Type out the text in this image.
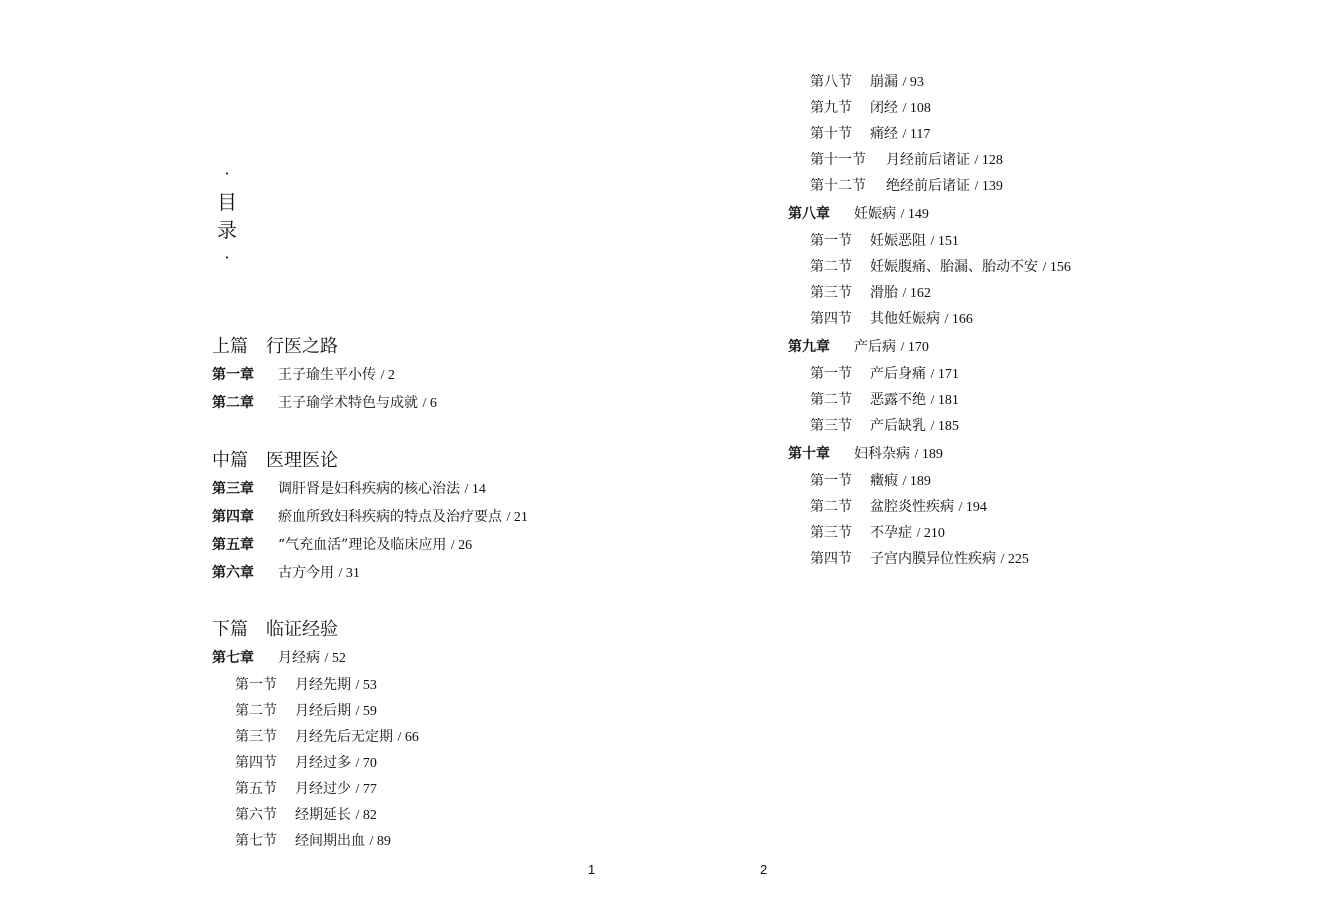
·
目
录
·
上篇 行医之路
第一章 王子瑜生平小传 / 2
第二章 王子瑜学术特色与成就 / 6
中篇 医理医论
第三章 调肝肾是妇科疾病的核心治法 / 14
第四章 瘀血所致妇科疾病的特点及治疗要点 / 21
第五章 “气充血活”理论及临床应用 / 26
第六章 古方今用 / 31
下篇 临证经验
第七章 月经病 / 52
第一节 月经先期 / 53
第二节 月经后期 / 59
第三节 月经先后无定期 / 66
第四节 月经过多 / 70
第五节 月经过少 / 77
第六节 经期延长 / 82
第七节 经间期出血 / 89
1
第八节 崩漏 / 93
第九节 闭经 / 108
第十节 痛经 / 117
第十一节 月经前后诸证 / 128
第十二节 绝经前后诸证 / 139
第八章 妊娠病 / 149
第一节 妊娠恶阻 / 151
第二节 妊娠腹痛、胎漏、胎动不安 / 156
第三节 滑胎 / 162
第四节 其他妊娠病 / 166
第九章 产后病 / 170
第一节 产后身痛 / 171
第二节 恶露不绝 / 181
第三节 产后缺乳 / 185
第十章 妇科杂病 / 189
第一节 癥瘕 / 189
第二节 盆腔炎性疾病 / 194
第三节 不孕症 / 210
第四节 子宫内膜异位性疾病 / 225
2
